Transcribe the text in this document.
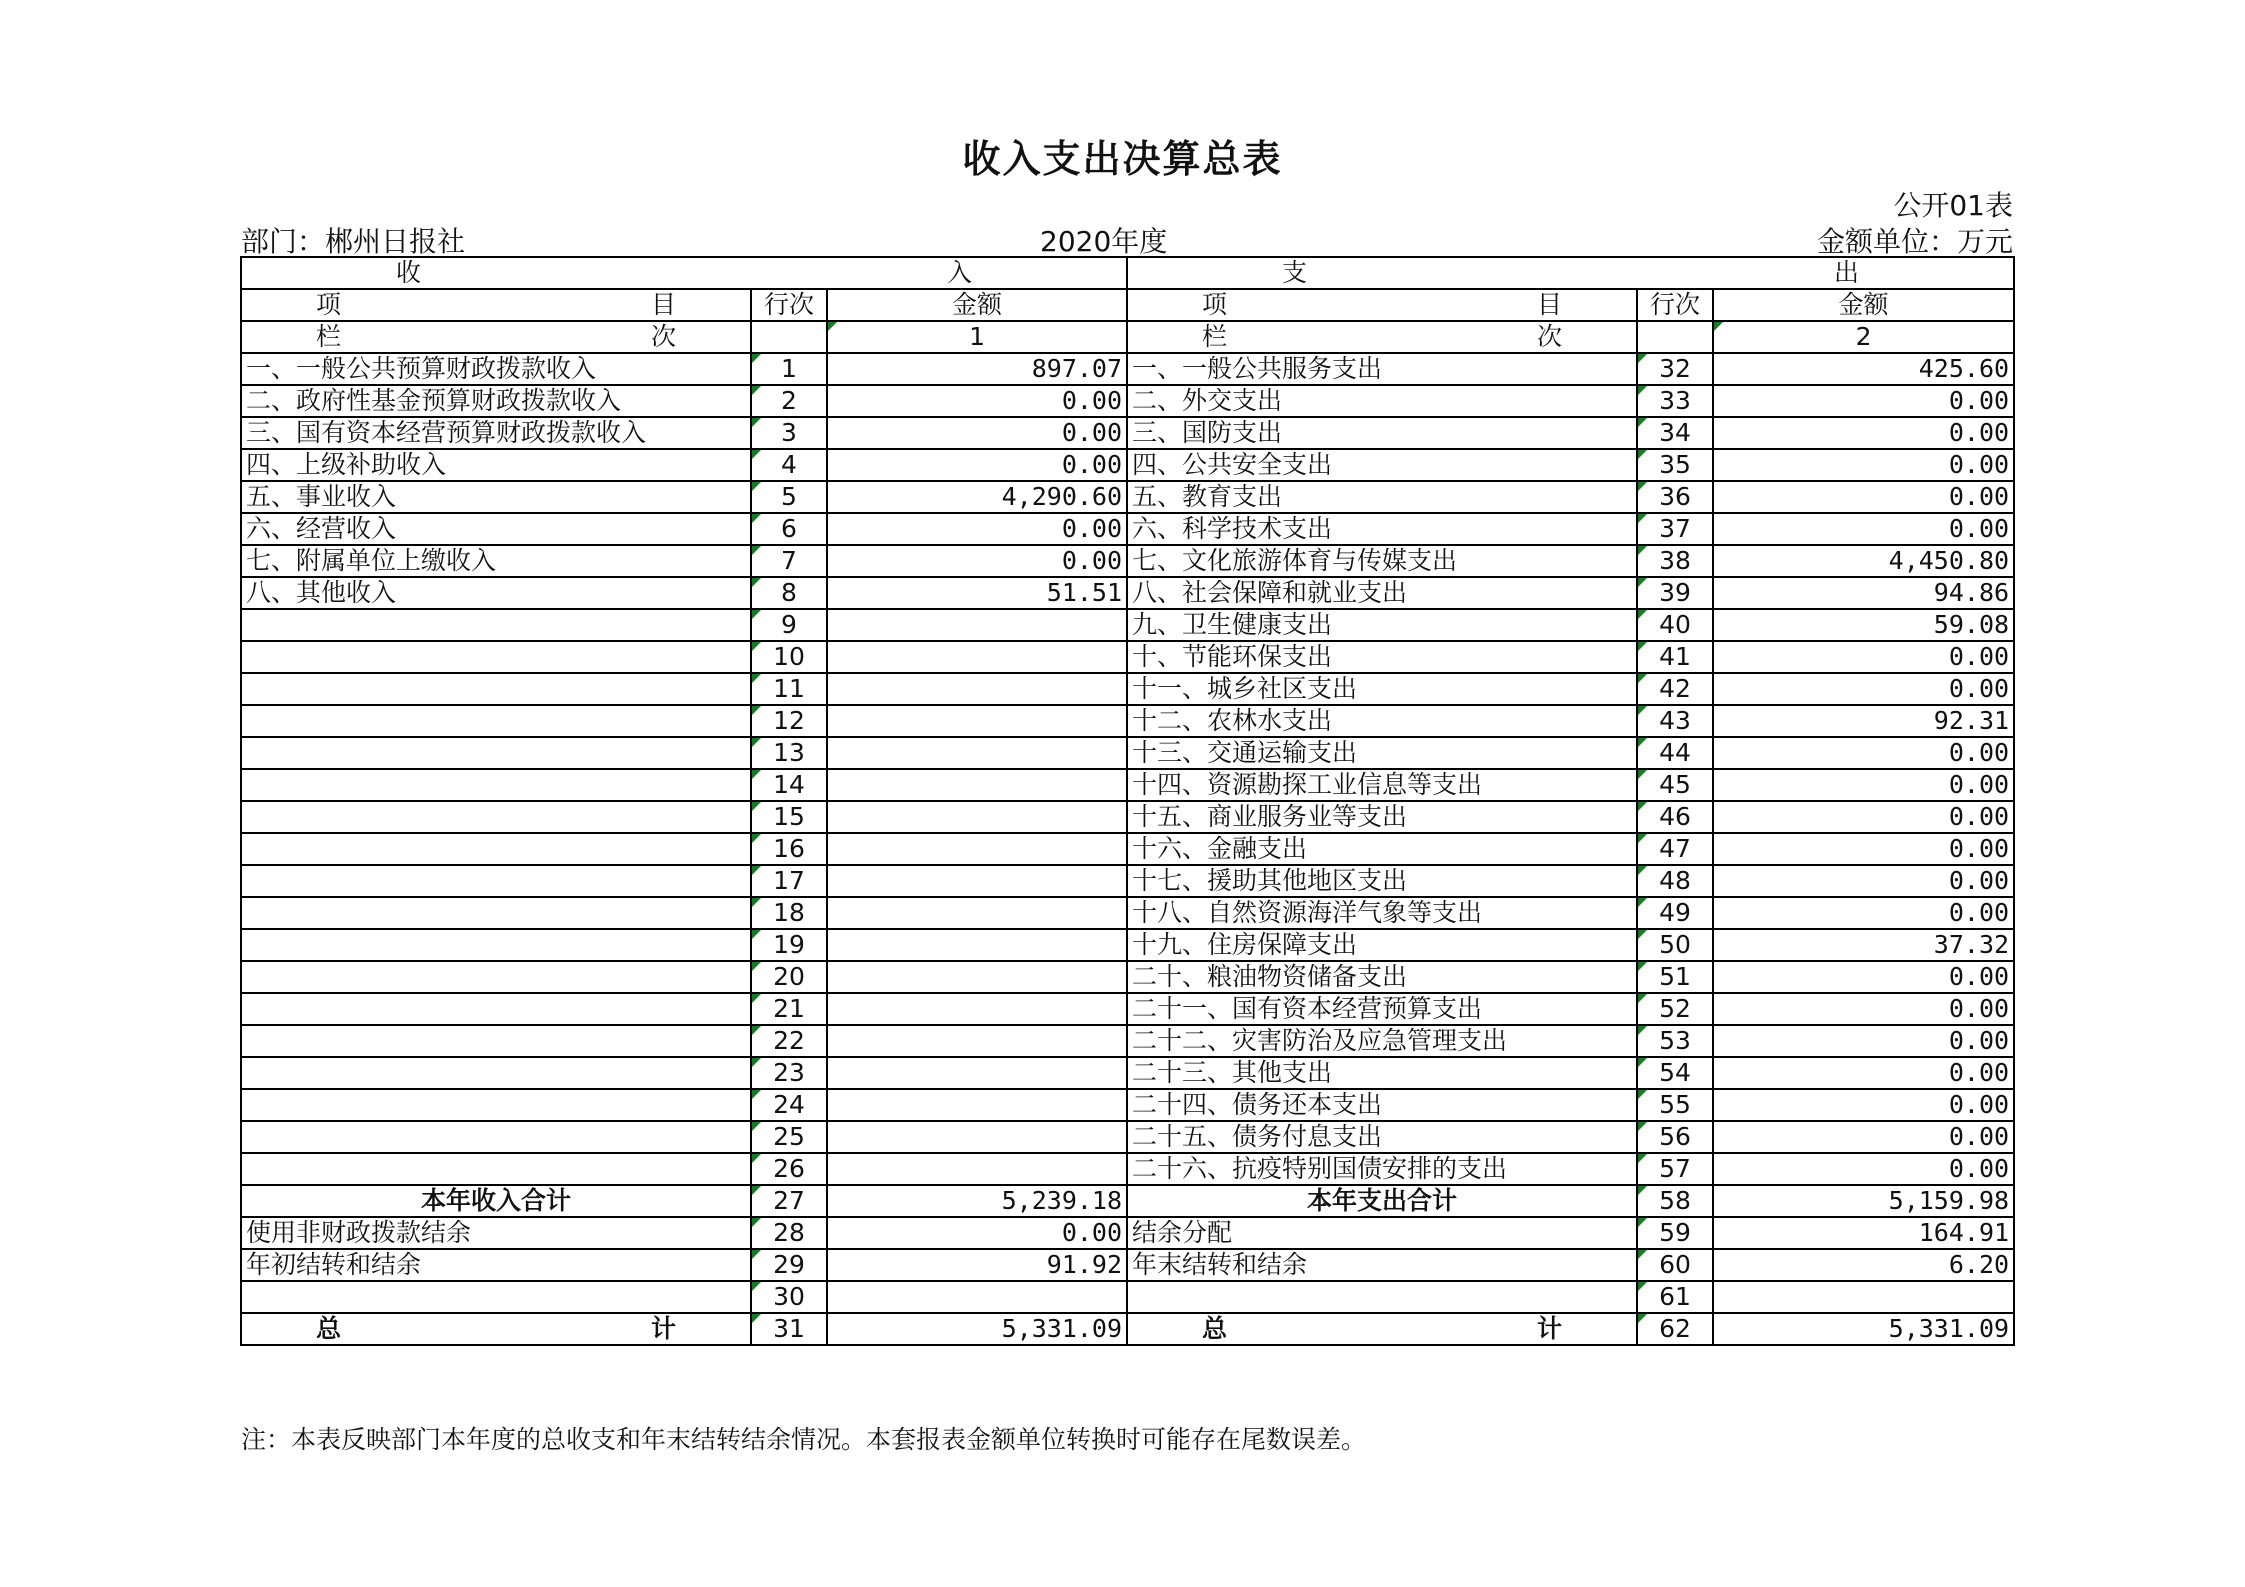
收入支出决算总表
公开01表
部门：郴州日报社	2020年度	金额单位：万元
收 入			支 出		

项 目	行次	金额	项 目	行次	金额

栏 次		1	栏 次		2
一、一般公共预算财政拨款收入	1	897.07	一、一般公共服务支出	32	425.60
二、政府性基金预算财政拨款收入	2	0.00	二、外交支出	33	0.00
三、国有资本经营预算财政拨款收入	3	0.00	三、国防支出	34	0.00
四、上级补助收入	4	0.00	四、公共安全支出	35	0.00
五、事业收入	5	4,290.60	五、教育支出	36	0.00
六、经营收入	6	0.00	六、科学技术支出	37	0.00
七、附属单位上缴收入	7	0.00	七、文化旅游体育与传媒支出	38	4,450.80
八、其他收入	8	51.51	八、社会保障和就业支出	39	94.86
	9		九、卫生健康支出	40	59.08
	10		十、节能环保支出	41	0.00
	11		十一、城乡社区支出	42	0.00
	12		十二、农林水支出	43	92.31
	13		十三、交通运输支出	44	0.00
	14		十四、资源勘探工业信息等支出	45	0.00
	15		十五、商业服务业等支出	46	0.00
	16		十六、金融支出	47	0.00
	17		十七、援助其他地区支出	48	0.00
	18		十八、自然资源海洋气象等支出	49	0.00
	19		十九、住房保障支出	50	37.32
	20		二十、粮油物资储备支出	51	0.00
	21		二十一、国有资本经营预算支出	52	0.00
	22		二十二、灾害防治及应急管理支出	53	0.00
	23		二十三、其他支出	54	0.00
	24		二十四、债务还本支出	55	0.00
	25		二十五、债务付息支出	56	0.00
	26		二十六、抗疫特别国债安排的支出	57	0.00
本年收入合计	27	5,239.18	本年支出合计	58	5,159.98
使用非财政拨款结余	28	0.00	结余分配	59	164.91
年初结转和结余	29	91.92	年末结转和结余	60	6.20
	30			61	

总 计	31	5,331.09	总 计	62	5,331.09
注：本表反映部门本年度的总收支和年末结转结余情况。本套报表金额单位转换时可能存在尾数误差。
